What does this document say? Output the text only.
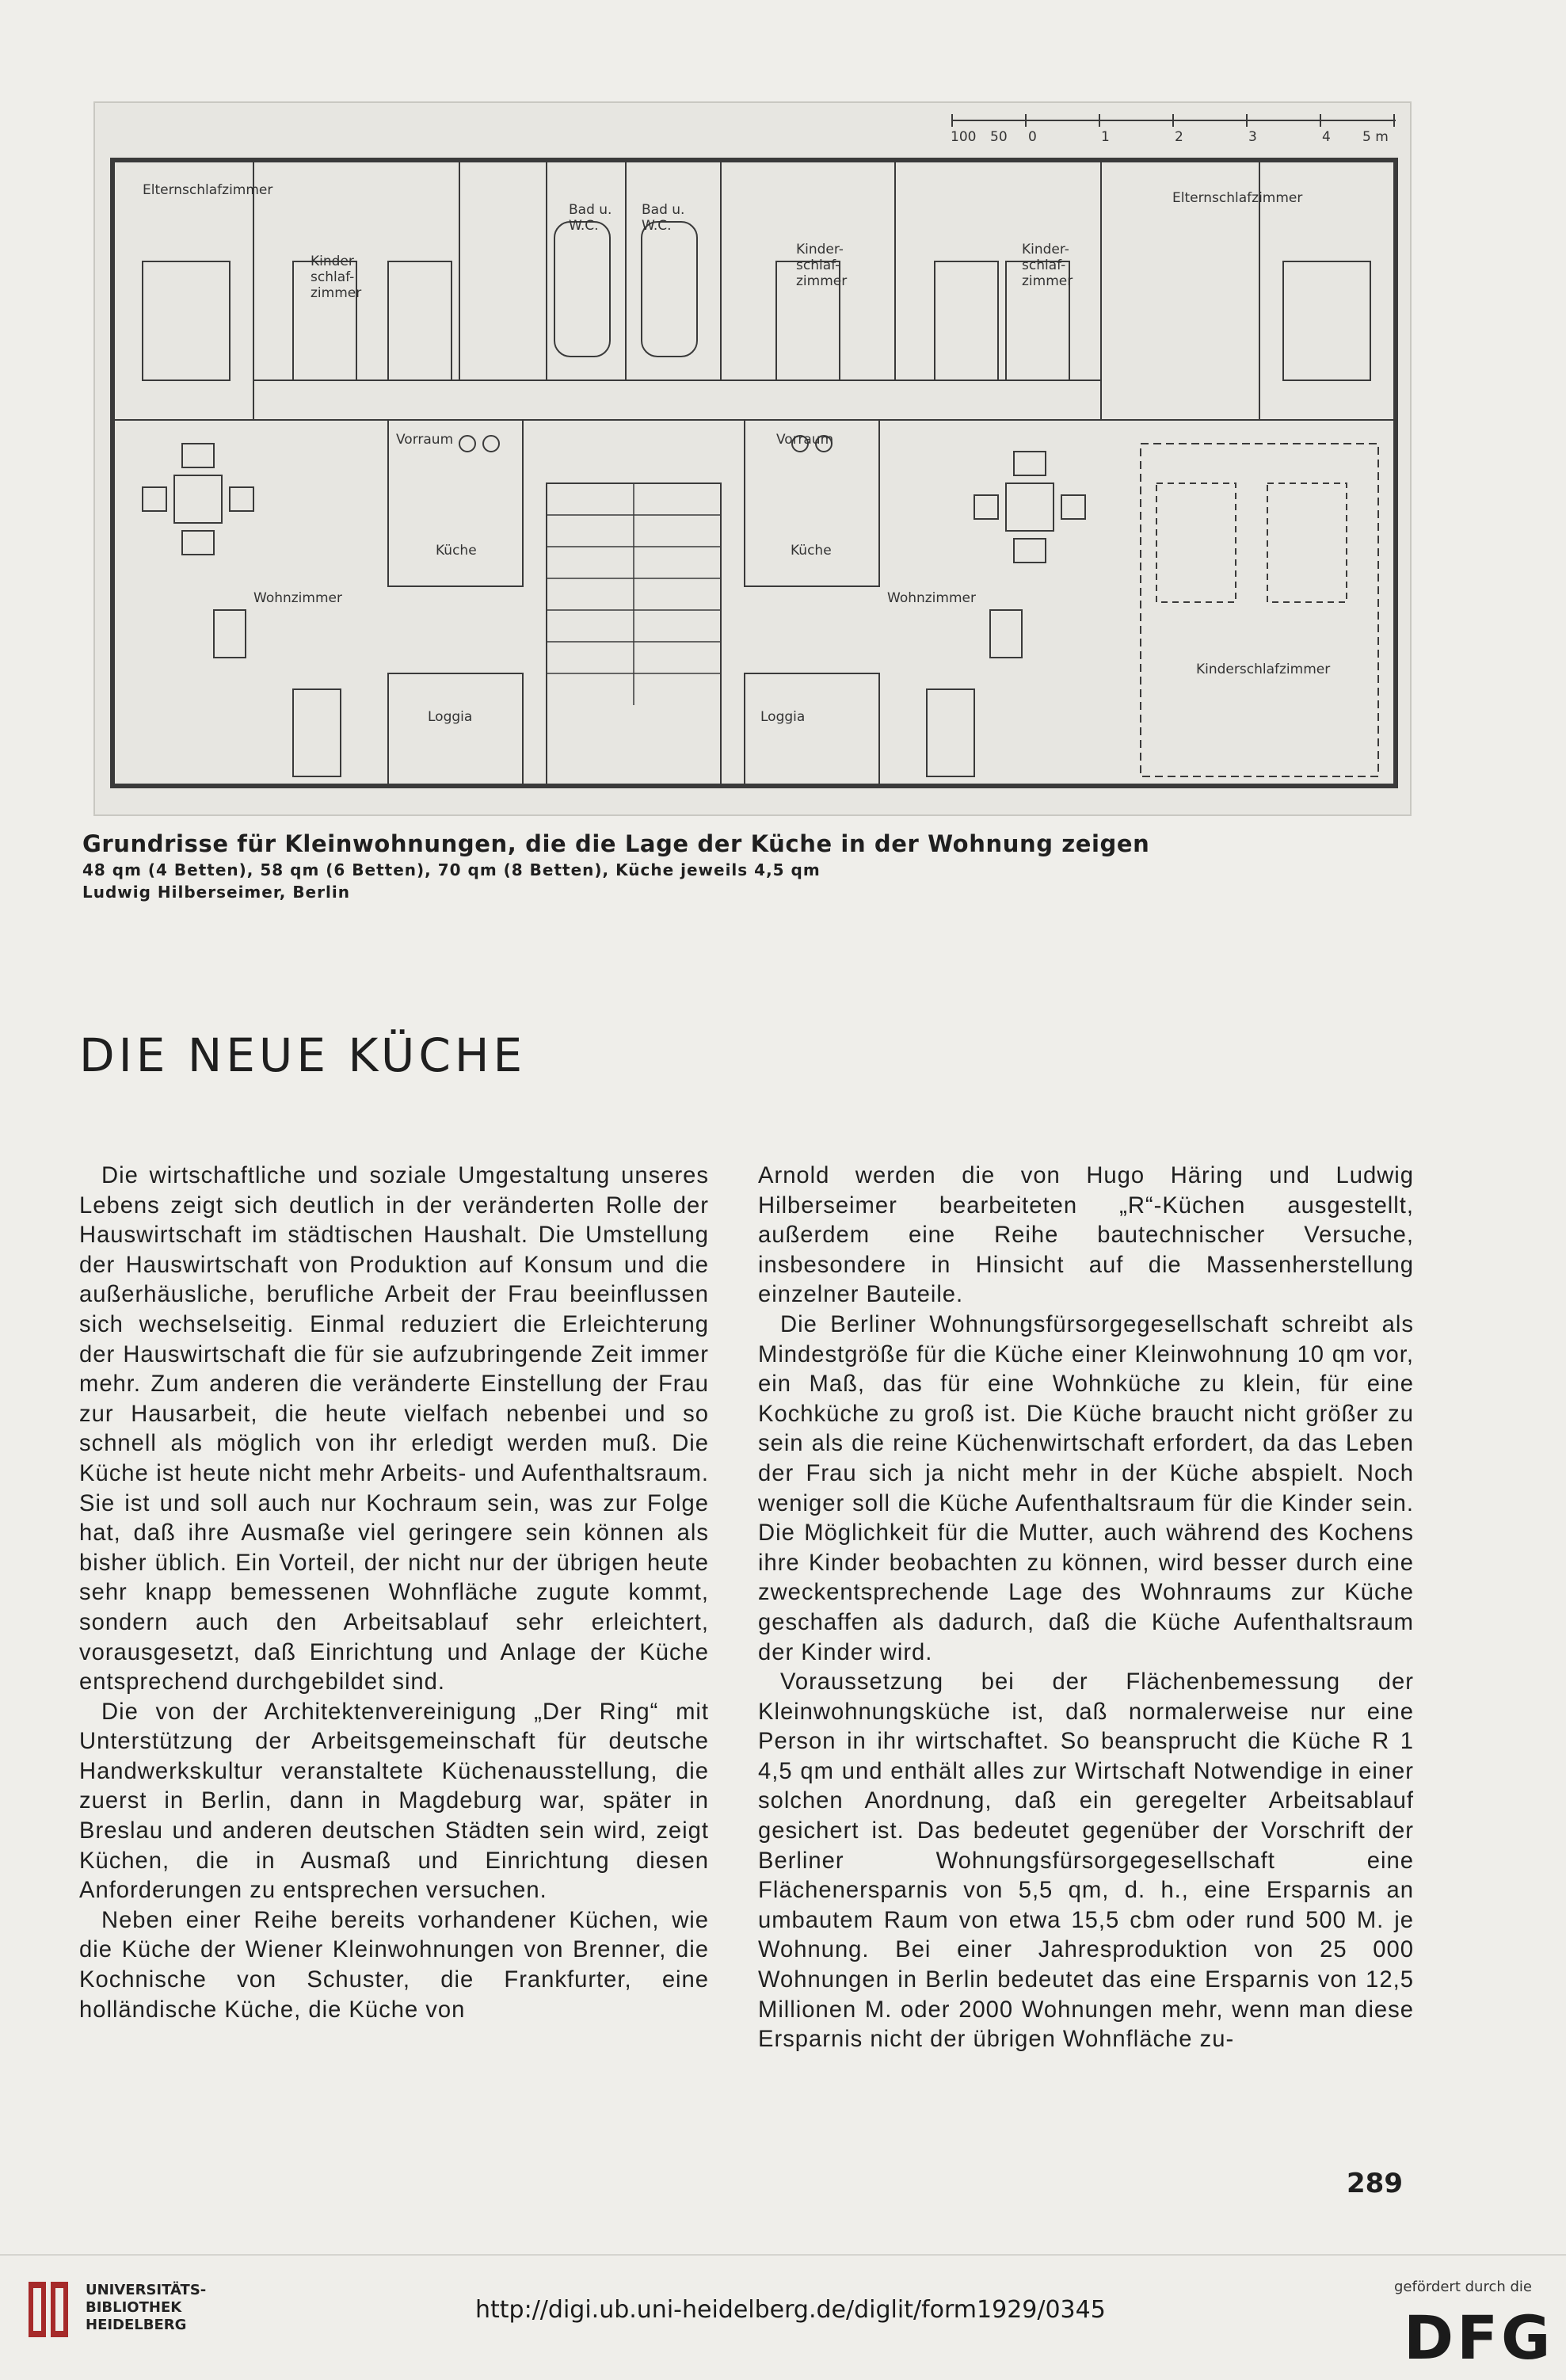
100 50 0	1	2	3	4 5 m
Elternschlafzimmer	Elternschlafzimmer
Kinder-
schlaf-
zimmer
Kinder-
schlaf-
zimmer
Kinder-
schlaf-
zimmer
Bad u.
W.C.
Bad u.
W.C.
Vorraum	Vorraum
Küche	Küche
Wohnzimmer	Wohnzimmer
Loggia	Loggia
Kinderschlafzimmer
Grundrisse für Kleinwohnungen, die die Lage der Küche in der Wohnung zeigen
48 qm (4 Betten), 58 qm (6 Betten), 70 qm (8 Betten), Küche jeweils 4,5 qm
Ludwig Hilberseimer, Berlin
DIE NEUE KÜCHE

Die wirtschaftliche und soziale Umgestaltung unseres Lebens zeigt sich deutlich in der veränderten Rolle der Hauswirtschaft im städtischen Haushalt. Die Umstellung der Hauswirtschaft von Produktion auf Konsum und die außerhäusliche, berufliche Arbeit der Frau beeinflussen sich wechselseitig. Einmal reduziert die Erleichterung der Hauswirtschaft die für sie aufzubringende Zeit immer mehr. Zum anderen die veränderte Einstellung der Frau zur Hausarbeit, die heute vielfach nebenbei und so schnell als möglich von ihr erledigt werden muß. Die Küche ist heute nicht mehr Arbeits- und Aufenthaltsraum. Sie ist und soll auch nur Kochraum sein, was zur Folge hat, daß ihre Ausmaße viel geringere sein können als bisher üblich. Ein Vorteil, der nicht nur der übrigen heute sehr knapp bemessenen Wohnfläche zugute kommt, sondern auch den Arbeitsablauf sehr erleichtert, vorausgesetzt, daß Einrichtung und Anlage der Küche entsprechend durchgebildet sind.

Die von der Architektenvereinigung „Der Ring“ mit Unterstützung der Arbeitsgemeinschaft für deutsche Handwerkskultur veranstaltete Küchenausstellung, die zuerst in Berlin, dann in Magdeburg war, später in Breslau und anderen deutschen Städten sein wird, zeigt Küchen, die in Ausmaß und Einrichtung diesen Anforderungen zu entsprechen versuchen.

Neben einer Reihe bereits vorhandener Küchen, wie die Küche der Wiener Kleinwohnungen von Brenner, die Kochnische von Schuster, die Frankfurter, eine holländische Küche, die Küche von

Arnold werden die von Hugo Häring und Ludwig Hilberseimer bearbeiteten „R“-Küchen ausgestellt, außerdem eine Reihe bautechnischer Versuche, insbesondere in Hinsicht auf die Massenherstellung einzelner Bauteile.

Die Berliner Wohnungsfürsorgegesellschaft schreibt als Mindestgröße für die Küche einer Kleinwohnung 10 qm vor, ein Maß, das für eine Wohnküche zu klein, für eine Kochküche zu groß ist. Die Küche braucht nicht größer zu sein als die reine Küchenwirtschaft erfordert, da das Leben der Frau sich ja nicht mehr in der Küche abspielt. Noch weniger soll die Küche Aufenthaltsraum für die Kinder sein. Die Möglichkeit für die Mutter, auch während des Kochens ihre Kinder beobachten zu können, wird besser durch eine zweckentsprechende Lage des Wohnraums zur Küche geschaffen als dadurch, daß die Küche Aufenthaltsraum der Kinder wird.

Voraussetzung bei der Flächenbemessung der Kleinwohnungsküche ist, daß normalerweise nur eine Person in ihr wirtschaftet. So beansprucht die Küche R 1 4,5 qm und enthält alles zur Wirtschaft Notwendige in einer solchen Anordnung, daß ein geregelter Arbeitsablauf gesichert ist. Das bedeutet gegenüber der Vorschrift der Berliner Wohnungsfürsorgegesellschaft eine Flächenersparnis von 5,5 qm, d. h., eine Ersparnis an umbautem Raum von etwa 15,5 cbm oder rund 500 M. je Wohnung. Bei einer Jahresproduktion von 25 000 Wohnungen in Berlin bedeutet das eine Ersparnis von 12,5 Millionen M. oder 2000 Wohnungen mehr, wenn man diese Ersparnis nicht der übrigen Wohnfläche zu-

289
UNIVERSITÄTS-
BIBLIOTHEK
HEIDELBERG
http://digi.ub.uni-heidelberg.de/diglit/form1929/0345
gefördert durch die
DFG
